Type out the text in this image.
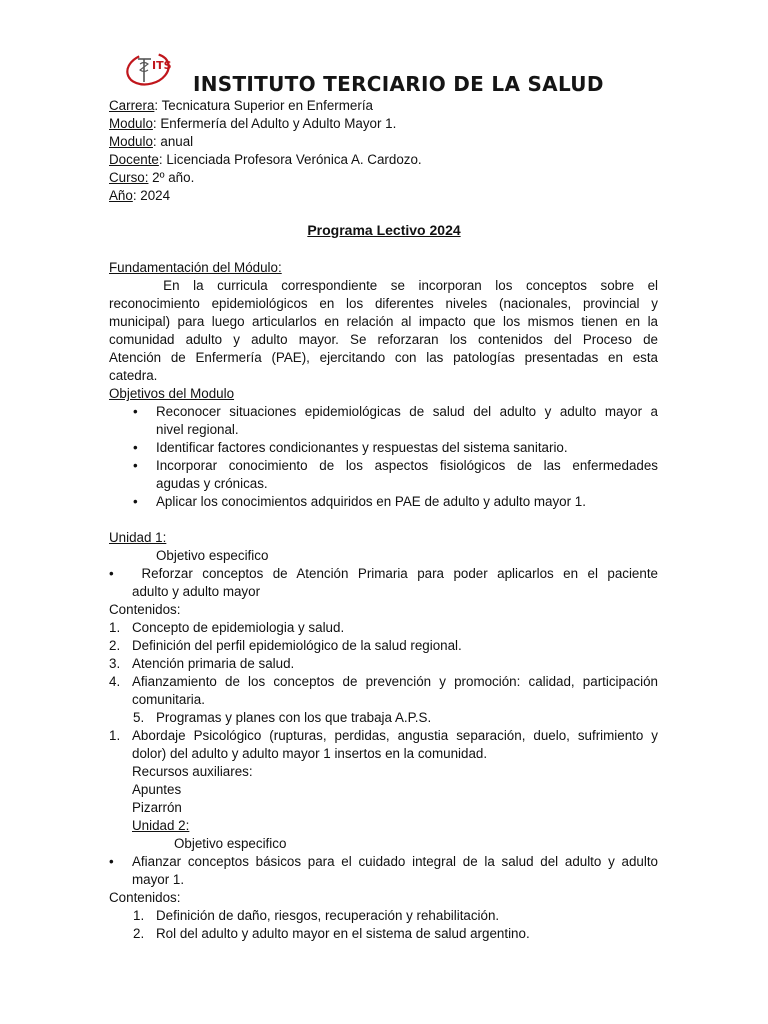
ITS
INSTITUTO TERCIARIO DE LA SALUD
Carrera: Tecnicatura Superior en Enfermería
Modulo: Enfermería del Adulto y Adulto Mayor 1.
Modulo: anual
Docente: Licenciada Profesora Verónica A. Cardozo.
Curso: 2º año.
Año: 2024
Programa Lectivo 2024
Fundamentación del Módulo:
En la curricula correspondiente se incorporan los conceptos sobre el
reconocimiento epidemiológicos en los diferentes niveles (nacionales, provincial y
municipal) para luego articularlos en relación al impacto que los mismos tienen en la
comunidad adulto y adulto mayor. Se reforzaran los contenidos del Proceso de
Atención de Enfermería (PAE), ejercitando con las patologías presentadas en esta
catedra.
Objetivos del Modulo
• Reconocer situaciones epidemiológicas de salud del adulto y adulto mayor a
nivel regional.
• Identificar factores condicionantes y respuestas del sistema sanitario.
• Incorporar conocimiento de los aspectos fisiológicos de las enfermedades
agudas y crónicas.
• Aplicar los conocimientos adquiridos en PAE de adulto y adulto mayor 1.
Unidad 1:
Objetivo especifico
• Reforzar conceptos de Atención Primaria para poder aplicarlos en el paciente
adulto y adulto mayor
Contenidos:
1. Concepto de epidemiologia y salud.
2. Definición del perfil epidemiológico de la salud regional.
3. Atención primaria de salud.
4. Afianzamiento de los conceptos de prevención y promoción: calidad, participación
comunitaria.
5. Programas y planes con los que trabaja A.P.S.
1. Abordaje Psicológico (rupturas, perdidas, angustia separación, duelo, sufrimiento y
dolor) del adulto y adulto mayor 1 insertos en la comunidad.
Recursos auxiliares:
Apuntes
Pizarrón
Unidad 2:
Objetivo especifico
• Afianzar conceptos básicos para el cuidado integral de la salud del adulto y adulto
mayor 1.
Contenidos:
1. Definición de daño, riesgos, recuperación y rehabilitación.
2. Rol del adulto y adulto mayor en el sistema de salud argentino.
